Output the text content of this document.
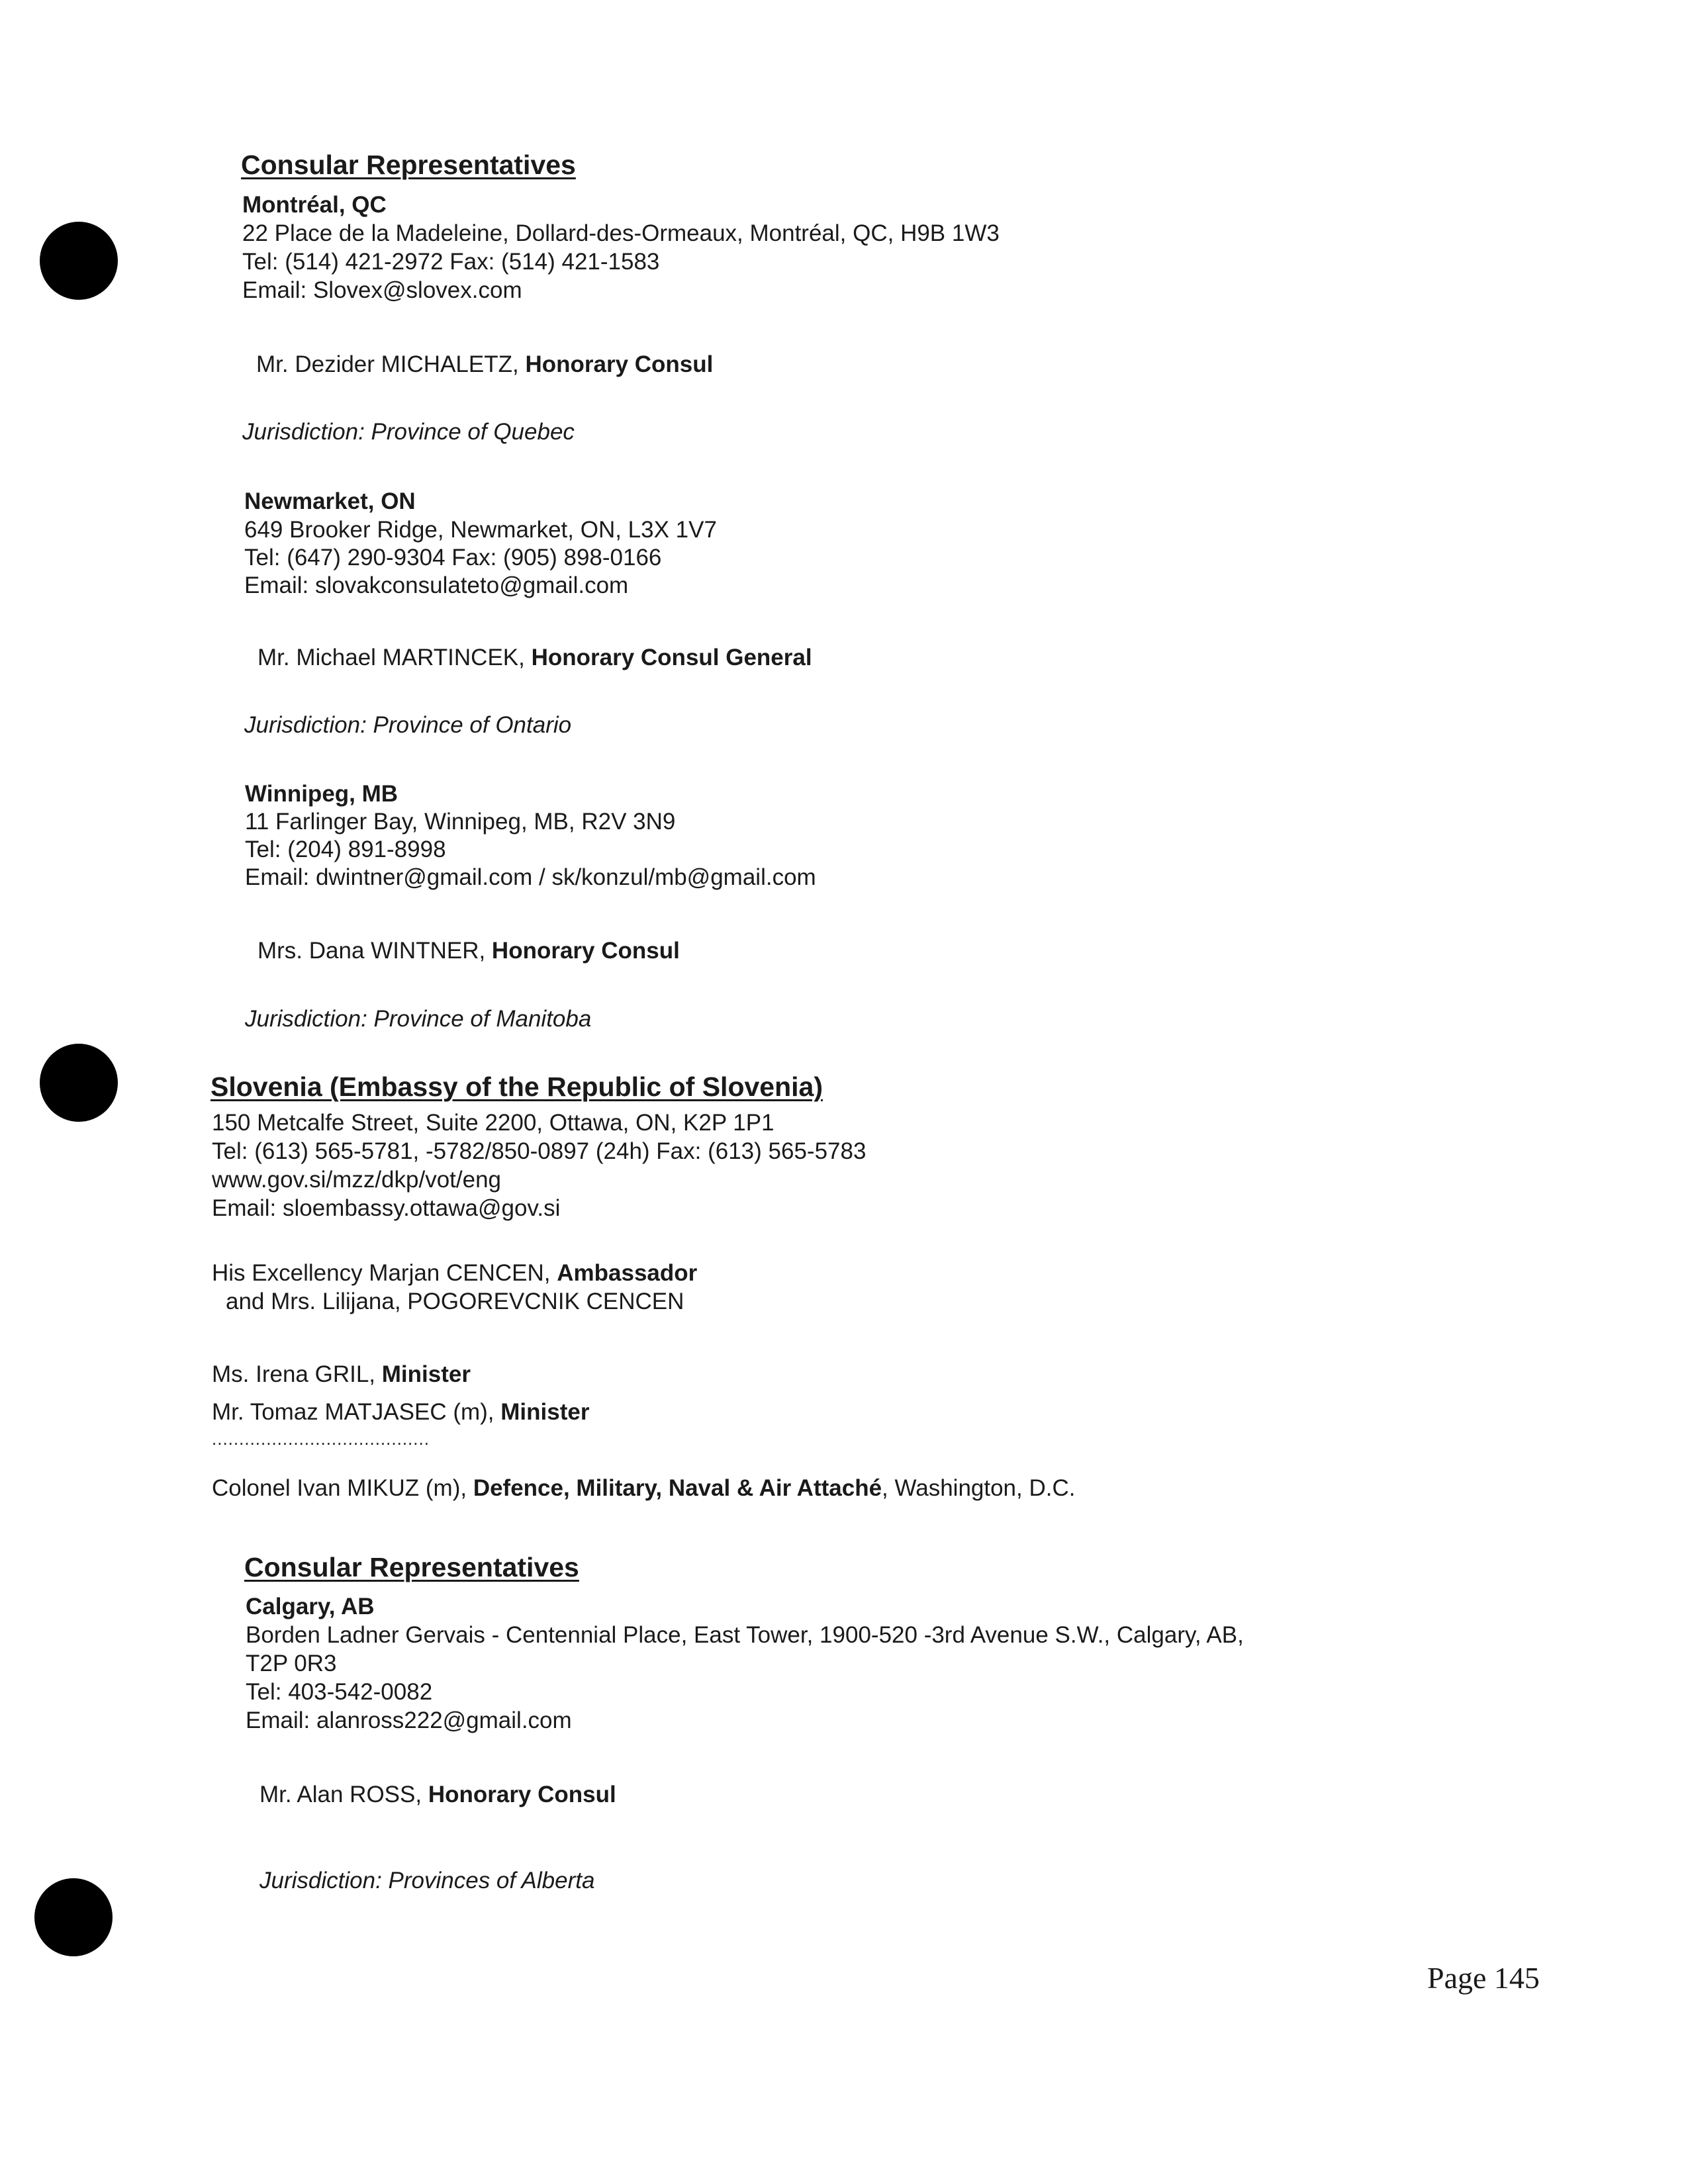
Consular Representatives
Montréal, QC
22 Place de la Madeleine, Dollard-des-Ormeaux, Montréal, QC, H9B 1W3
Tel: (514) 421-2972 Fax: (514) 421-1583
Email: Slovex@slovex.com
Mr. Dezider MICHALETZ, Honorary Consul
Jurisdiction: Province of Quebec
Newmarket, ON
649 Brooker Ridge, Newmarket, ON, L3X 1V7
Tel: (647) 290-9304 Fax: (905) 898-0166
Email: slovakconsulateto@gmail.com
Mr. Michael MARTINCEK, Honorary Consul General
Jurisdiction: Province of Ontario
Winnipeg, MB
11 Farlinger Bay, Winnipeg, MB, R2V 3N9
Tel: (204) 891-8998
Email: dwintner@gmail.com / sk/konzul/mb@gmail.com
Mrs. Dana WINTNER, Honorary Consul
Jurisdiction: Province of Manitoba
Slovenia (Embassy of the Republic of Slovenia)
150 Metcalfe Street, Suite 2200, Ottawa, ON, K2P 1P1
Tel: (613) 565-5781, -5782/850-0897 (24h) Fax: (613) 565-5783
www.gov.si/mzz/dkp/vot/eng
Email: sloembassy.ottawa@gov.si
His Excellency Marjan CENCEN, Ambassador
and Mrs. Lilijana, POGOREVCNIK CENCEN
Ms. Irena GRIL, Minister
Mr. Tomaz MATJASEC (m), Minister
........................................
Colonel Ivan MIKUZ (m), Defence, Military, Naval & Air Attaché, Washington, D.C.
Consular Representatives
Calgary, AB
Borden Ladner Gervais - Centennial Place, East Tower, 1900-520 -3rd Avenue S.W., Calgary, AB,
T2P 0R3
Tel: 403-542-0082
Email: alanross222@gmail.com
Mr. Alan ROSS, Honorary Consul
Jurisdiction: Provinces of Alberta
Page 145
